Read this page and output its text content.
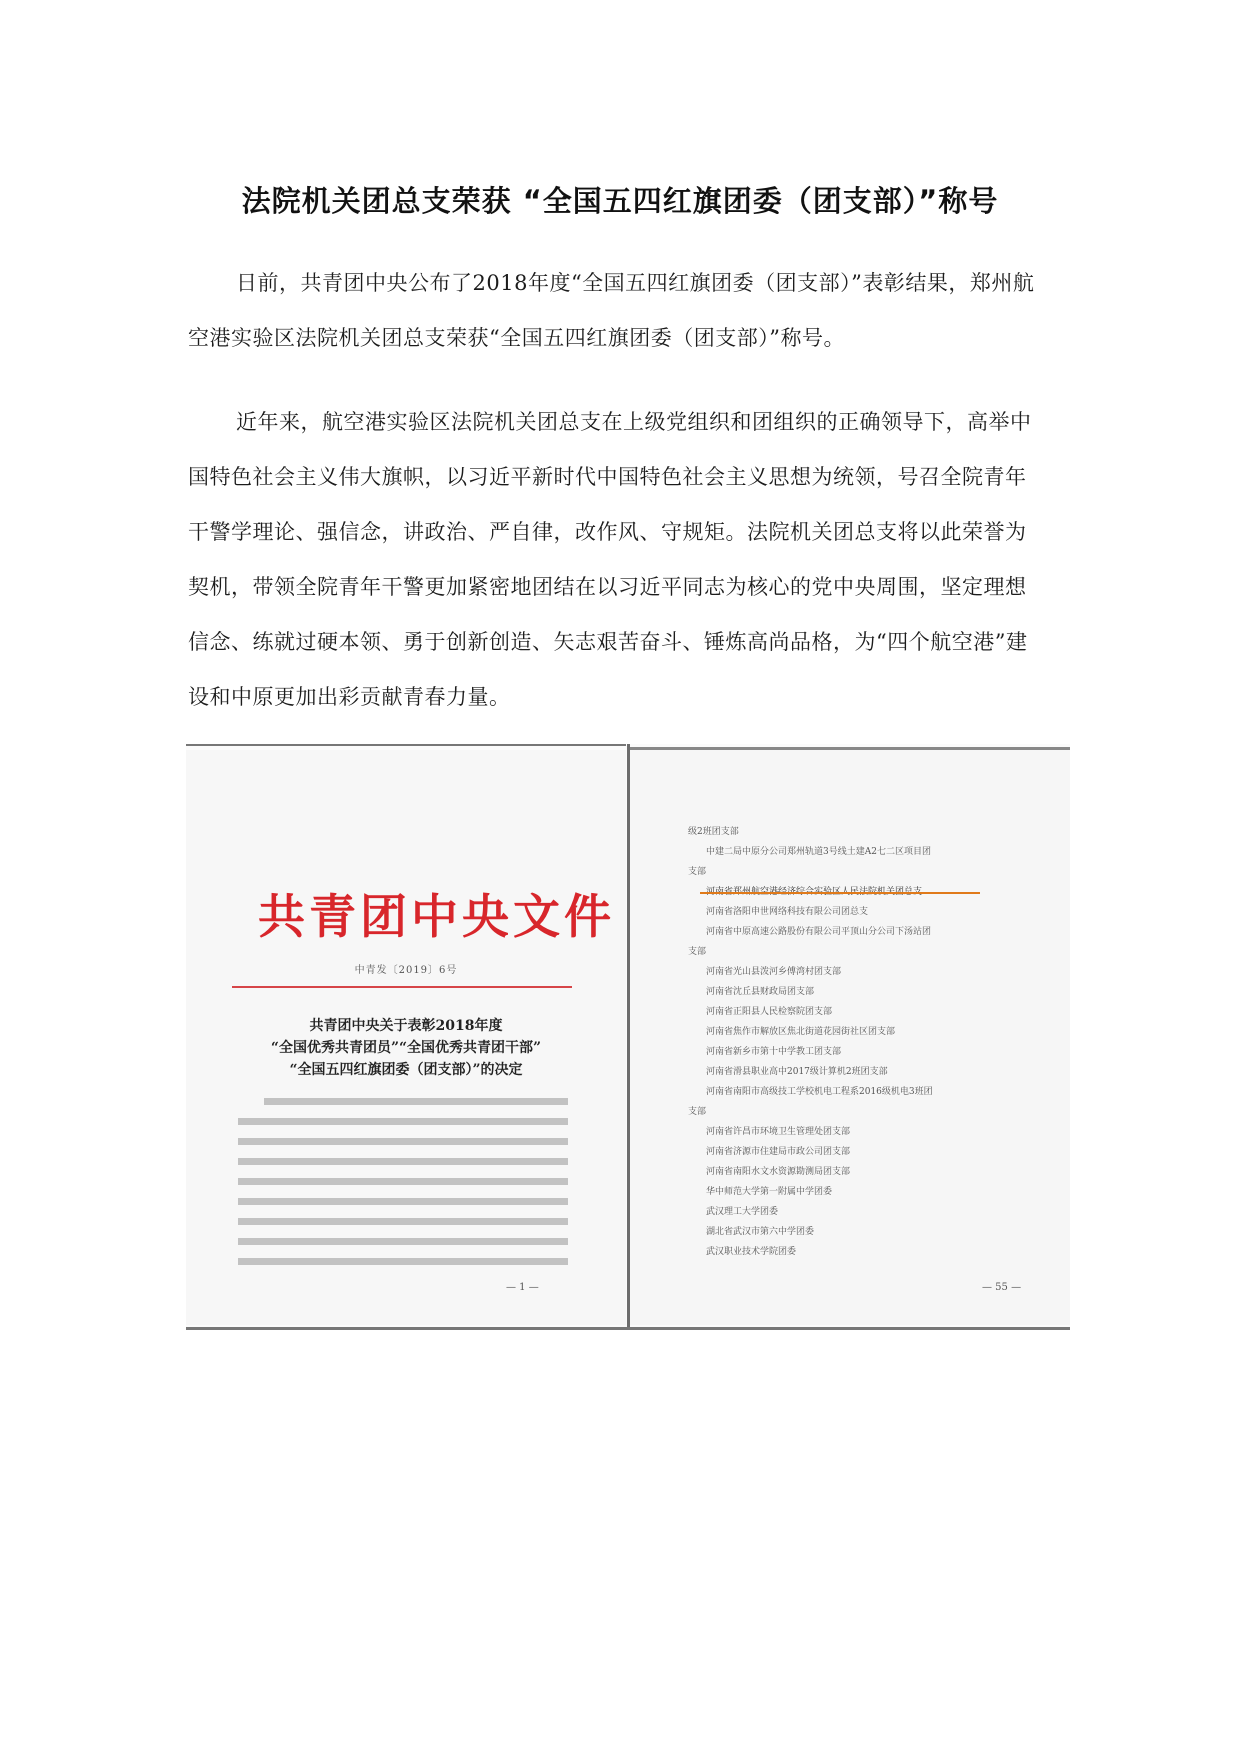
法院机关团总支荣获 “全国五四红旗团委（团支部）”称号

日前，共青团中央公布了2018年度“全国五四红旗团委（团支部）”表彰结果，郑州航空港实验区法院机关团总支荣获“全国五四红旗团委（团支部）”称号。

近年来，航空港实验区法院机关团总支在上级党组织和团组织的正确领导下，高举中国特色社会主义伟大旗帜，以习近平新时代中国特色社会主义思想为统领，号召全院青年干警学理论、强信念，讲政治、严自律，改作风、守规矩。法院机关团总支将以此荣誉为契机，带领全院青年干警更加紧密地团结在以习近平同志为核心的党中央周围，坚定理想信念、练就过硬本领、勇于创新创造、矢志艰苦奋斗、锤炼高尚品格，为“四个航空港”建设和中原更加出彩贡献青春力量。

共青团中央文件
中青发〔2019〕6号
共青团中央关于表彰2018年度
“全国优秀共青团员”“全国优秀共青团干部”
“全国五四红旗团委（团支部）”的决定
— 1 —
级2班团支部
中建二局中原分公司郑州轨道3号线土建A2七二区项目团
支部
河南省洛阳申世网络科技有限公司团总支
河南省中原高速公路股份有限公司平顶山分公司下汤站团
支部
河南省光山县泼河乡傅湾村团支部
河南省沈丘县财政局团支部
河南省正阳县人民检察院团支部
河南省焦作市解放区焦北街道花园街社区团支部
河南省新乡市第十中学教工团支部
河南省滑县职业高中2017级计算机2班团支部
河南省南阳市高级技工学校机电工程系2016级机电3班团
支部
河南省许昌市环境卫生管理处团支部
河南省济源市住建局市政公司团支部
河南省南阳水文水资源勘测局团支部
华中师范大学第一附属中学团委
武汉理工大学团委
湖北省武汉市第六中学团委
武汉职业技术学院团委
— 55 —
